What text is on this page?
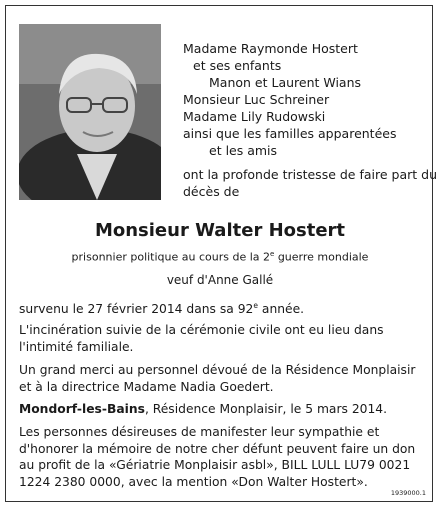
Madame Raymonde Hostert
et ses enfants
Manon et Laurent Wians
Monsieur Luc Schreiner
Madame Lily Rudowski
ainsi que les familles apparentées
et les amis
ont la profonde tristesse de faire part du
décès de
Monsieur Walter Hostert
prisonnier politique au cours de la 2e guerre mondiale
veuf d'Anne Gallé
survenu le 27 février 2014 dans sa 92e année.
L'incinération suivie de la cérémonie civile ont eu lieu dans l'intimité familiale.
Un grand merci au personnel dévoué de la Résidence Monplaisir et à la directrice Madame Nadia Goedert.
Mondorf-les-Bains, Résidence Monplaisir, le 5 mars 2014.
Les personnes désireuses de manifester leur sympathie et d'honorer la mémoire de notre cher défunt peuvent faire un don au profit de la «Gériatrie Monplaisir asbl», BILL LULL LU79 0021 1224 2380 0000, avec la mention «Don Walter Hostert».
1939000.1
